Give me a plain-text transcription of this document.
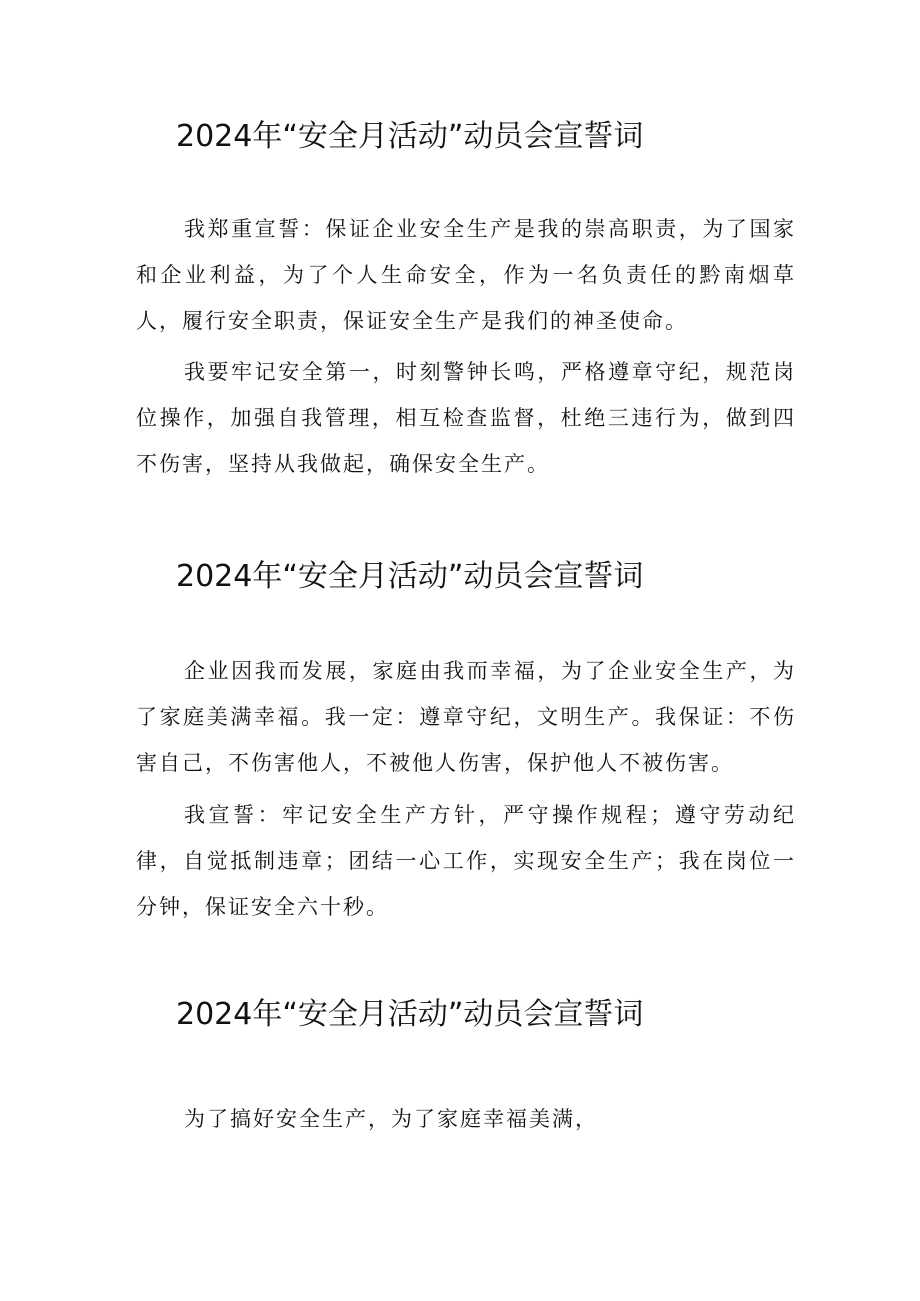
2024年“安全月活动”动员会宣誓词

我郑重宣誓：保证企业安全生产是我的崇高职责，为了国家和企业利益，为了个人生命安全，作为一名负责任的黔南烟草人，履行安全职责，保证安全生产是我们的神圣使命。

我要牢记安全第一，时刻警钟长鸣，严格遵章守纪，规范岗位操作，加强自我管理，相互检查监督，杜绝三违行为，做到四不伤害，坚持从我做起，确保安全生产。

2024年“安全月活动”动员会宣誓词

企业因我而发展，家庭由我而幸福，为了企业安全生产，为了家庭美满幸福。我一定：遵章守纪，文明生产。我保证：不伤害自己，不伤害他人，不被他人伤害，保护他人不被伤害。

我宣誓：牢记安全生产方针，严守操作规程；遵守劳动纪律，自觉抵制违章；团结一心工作，实现安全生产；我在岗位一分钟，保证安全六十秒。

2024年“安全月活动”动员会宣誓词

为了搞好安全生产，为了家庭幸福美满，
